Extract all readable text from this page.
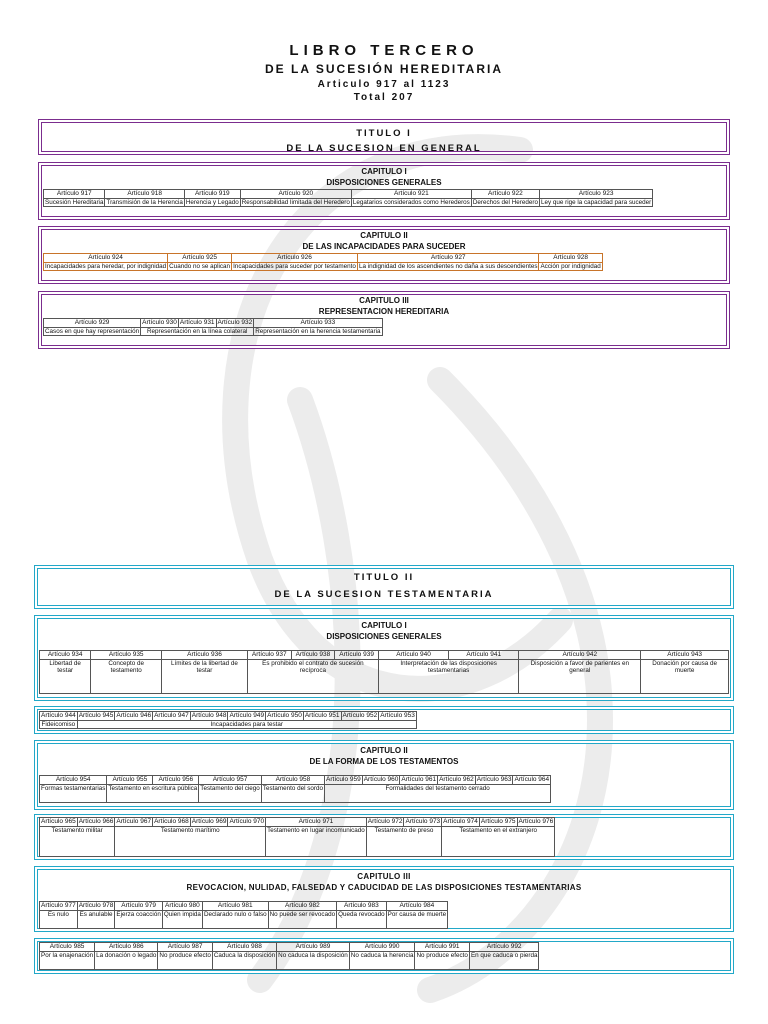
LIBRO TERCERO
DE LA SUCESIÓN HEREDITARIA
Articulo 917 al 1123
Total 207
TITULO I
DE LA SUCESION EN GENERAL
CAPITULO I
DISPOSICIONES GENERALES
Artículo 917	Artículo 918	Artículo 919	Artículo 920	Artículo 921	Artículo 922	Artículo 923
Sucesión Hereditaria	Transmisión de la Herencia	Herencia y Legado	Responsabilidad limitada del Heredero	Legatarios considerados como Herederos	Derechos del Heredero	Ley que rige la capacidad para suceder
CAPITULO II
DE LAS INCAPACIDADES PARA SUCEDER
Artículo 924	Artículo 925	Artículo 926	Artículo 927	Artículo 928
Incapacidades para heredar, por indignidad	Cuando no se aplican	Incapacidades para suceder por testamento	La indignidad de los ascendientes no daña a sus descendientes	Acción por indignidad
CAPITULO III
REPRESENTACION HEREDITARIA
Artículo 929	Artículo 930	Artículo 931	Artículo 932	Artículo 933
Casos en que hay representación	Representación en la línea colateral			Representación en la herencia testamentaria
TITULO II
DE LA SUCESION TESTAMENTARIA
CAPITULO I
DISPOSICIONES GENERALES
Artículo 934	Artículo 935	Artículo 936	Artículo 937	Artículo 938	Artículo 939	Artículo 940	Artículo 941	Artículo 942	Artículo 943
Libertad de testar	Concepto de testamento	Límites de la libertad de testar	Es prohibido el contrato de sucesión recíproca			Interpretación de las disposiciones testamentarias		Disposición a favor de parientes en general	Donación por causa de muerte
Artículo 944	Artículo 945	Artículo 946	Artículo 947	Artículo 948	Artículo 949	Artículo 950	Artículo 951	Artículo 952	Artículo 953
Fideicomiso	Incapacidades para testar								
CAPITULO II
DE LA FORMA DE LOS TESTAMENTOS
Artículo 954	Artículo 955	Artículo 956	Artículo 957	Artículo 958	Artículo 959	Artículo 960	Artículo 961	Artículo 962	Artículo 963	Artículo 964
Formas testamentarias	Testamento en escritura pública		Testamento del ciego	Testamento del sordo	Formalidades del testamento cerrado					
Artículo 965	Artículo 966	Artículo 967	Artículo 968	Artículo 969	Artículo 970	Artículo 971	Artículo 972	Artículo 973	Artículo 974	Artículo 975	Artículo 976
Testamento militar		Testamento marítimo				Testamento en lugar incomunicado	Testamento de preso		Testamento en el extranjero		
CAPITULO III
REVOCACION, NULIDAD, FALSEDAD Y CADUCIDAD DE LAS DISPOSICIONES TESTAMENTARIAS
Artículo 977	Artículo 978	Artículo 979	Artículo 980	Artículo 981	Artículo 982	Artículo 983	Artículo 984
Es nulo	Es anulable	Ejerza coacción	Quien impida	Declarado nulo o falso	No puede ser revocado	Queda revocado	Por causa de muerte
Artículo 985	Artículo 986	Artículo 987	Artículo 988	Artículo 989	Artículo 990	Artículo 991	Artículo 992
Por la enajenación	La donación o legado	No produce efecto	Caduca la disposición	No caduca la disposición	No caduca la herencia	No produce efecto	En que caduca o pierda
